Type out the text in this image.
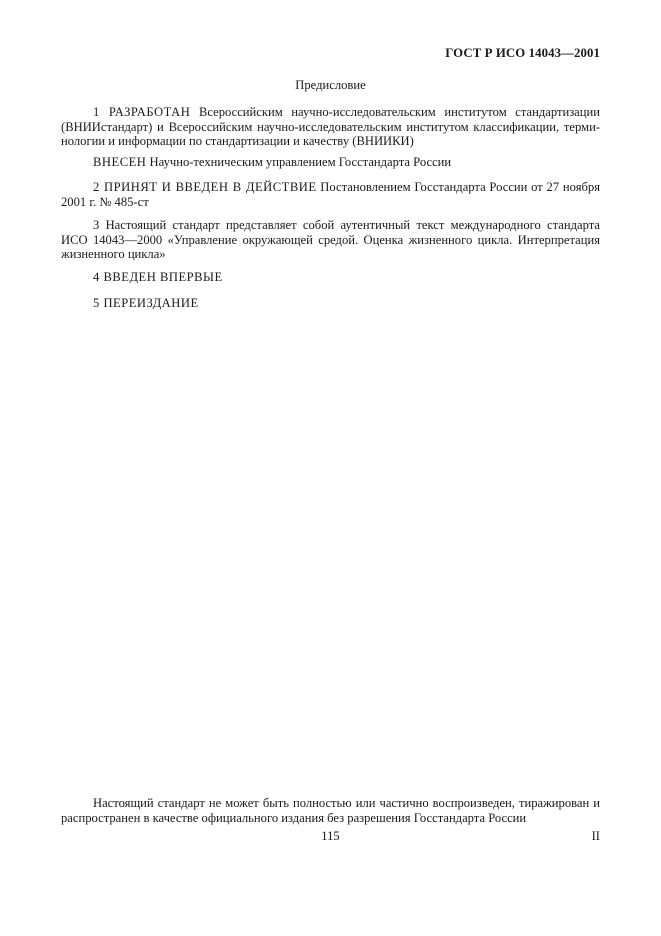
ГОСТ Р ИСО 14043—2001
Предисловие

1 РАЗРАБОТАН Всероссийским научно-исследовательским институтом стандартизации (ВНИИстандарт) и Всероссийским научно-исследовательским институтом классификации, терми-нологии и информации по стандартизации и качеству (ВНИИКИ)

ВНЕСЕН Научно-техническим управлением Госстандарта России

2 ПРИНЯТ И ВВЕДЕН В ДЕЙСТВИЕ Постановлением Госстандарта России от 27 ноября 2001 г. № 485-ст

3 Настоящий стандарт представляет собой аутентичный текст международного стандарта ИСО 14043—2000 «Управление окружающей средой. Оценка жизненного цикла. Интерпретация жизненного цикла»

4 ВВЕДЕН ВПЕРВЫЕ

5 ПЕРЕИЗДАНИЕ

Настоящий стандарт не может быть полностью или частично воспроизведен, тиражирован и распространен в качестве официального издания без разрешения Госстандарта России

115	II
